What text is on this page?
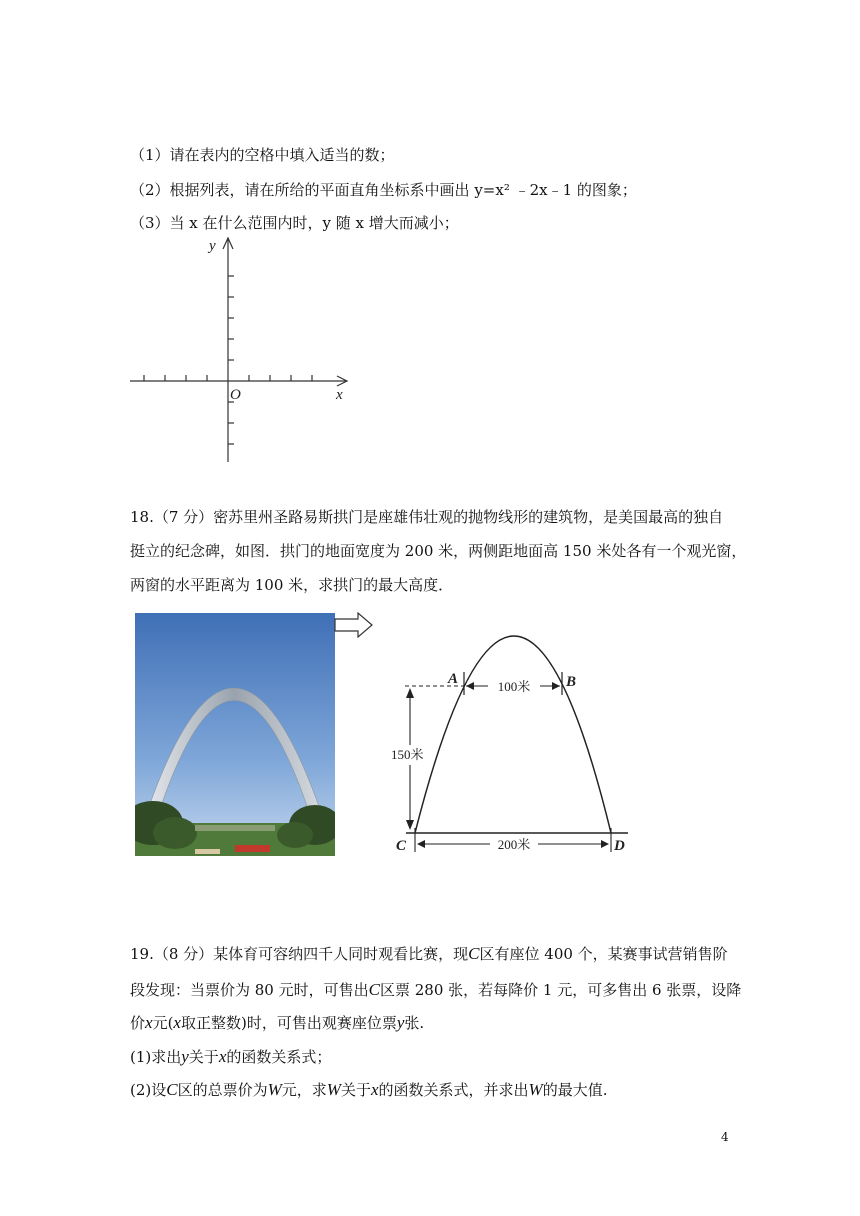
（1）请在表内的空格中填入适当的数；
（2）根据列表，请在所给的平面直角坐标系中画出 y=x² ﹣2x﹣1 的图象；
（3）当 x 在什么范围内时，y 随 x 增大而减小；
y
x
O
18.（7 分）密苏里州圣路易斯拱门是座雄伟壮观的抛物线形的建筑物，是美国最高的独自
挺立的纪念碑，如图．拱门的地面宽度为 200 米，两侧距地面高 150 米处各有一个观光窗，
两窗的水平距离为 100 米，求拱门的最大高度．
A	B
C	D
100米
150米
200米
19.（8 分）某体育可容纳四千人同时观看比赛，现C区有座位 400 个，某赛事试营销售阶
段发现：当票价为 80 元时，可售出C区票 280 张，若每降价 1 元，可多售出 6 张票，设降
价x元(x取正整数)时，可售出观赛座位票y张.
(1)求出y关于x的函数关系式；
(2)设C区的总票价为W元，求W关于x的函数关系式，并求出W的最大值.
4
